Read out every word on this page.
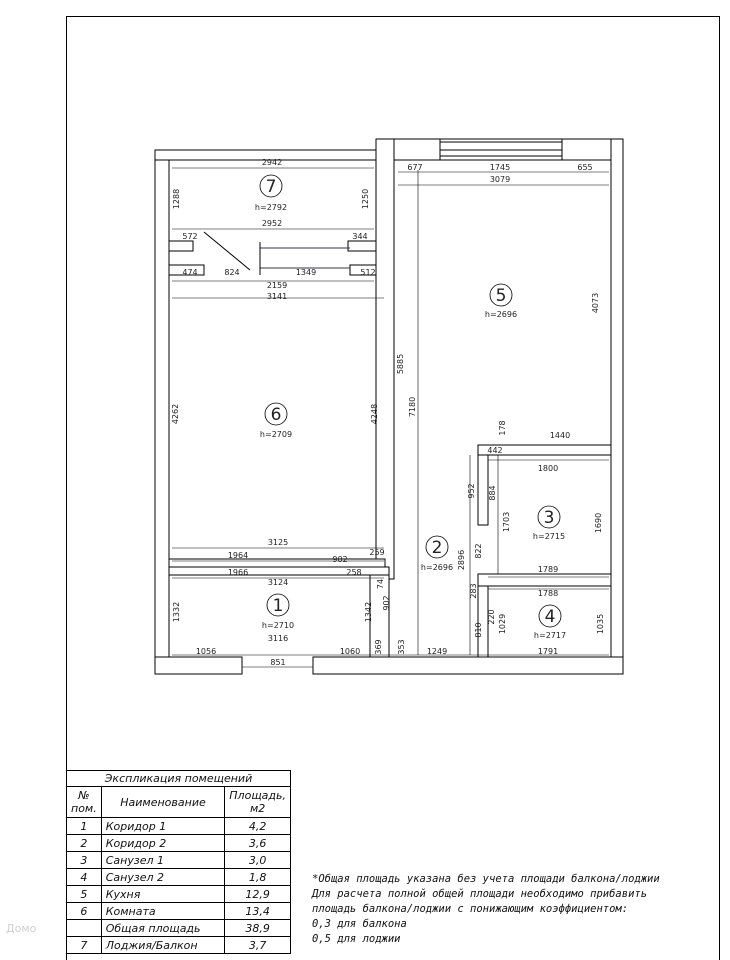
7
h=2792
5
h=2696
6
h=2709
3
h=2715
2
h=2696
1
h=2710	4
h=2717
2942
2952
572	344
474	824	1349	512
2159
3141
677	1745	655
3079
442
1440
1800
3125
1964	902
259
1966	258
3124
1789
1788
3116
1056	1060	1249	1791
851
1288	1250
4073
5885
7180
4262	4248
178
952 884
1703	1690
74
902
2896 822
283
1332	1342
810
220 1029	1035
369 353
Экспликация помещений
№ пом.	Наименование	Площадь, м2
1	Коридор 1	4,2
2	Коридор 2	3,6
3	Санузел 1	3,0
4	Санузел 2	1,8
5	Кухня	12,9
6	Комната	13,4
	Общая площадь	38,9
7	Лоджия/Балкон	3,7
*Общая площадь указана без учета площади балкона/лоджии
Для расчета полной общей площади необходимо прибавить
площадь балкона/лоджии с понижающим коэффициентом:
0,3 для балкона
0,5 для лоджии
Домо
